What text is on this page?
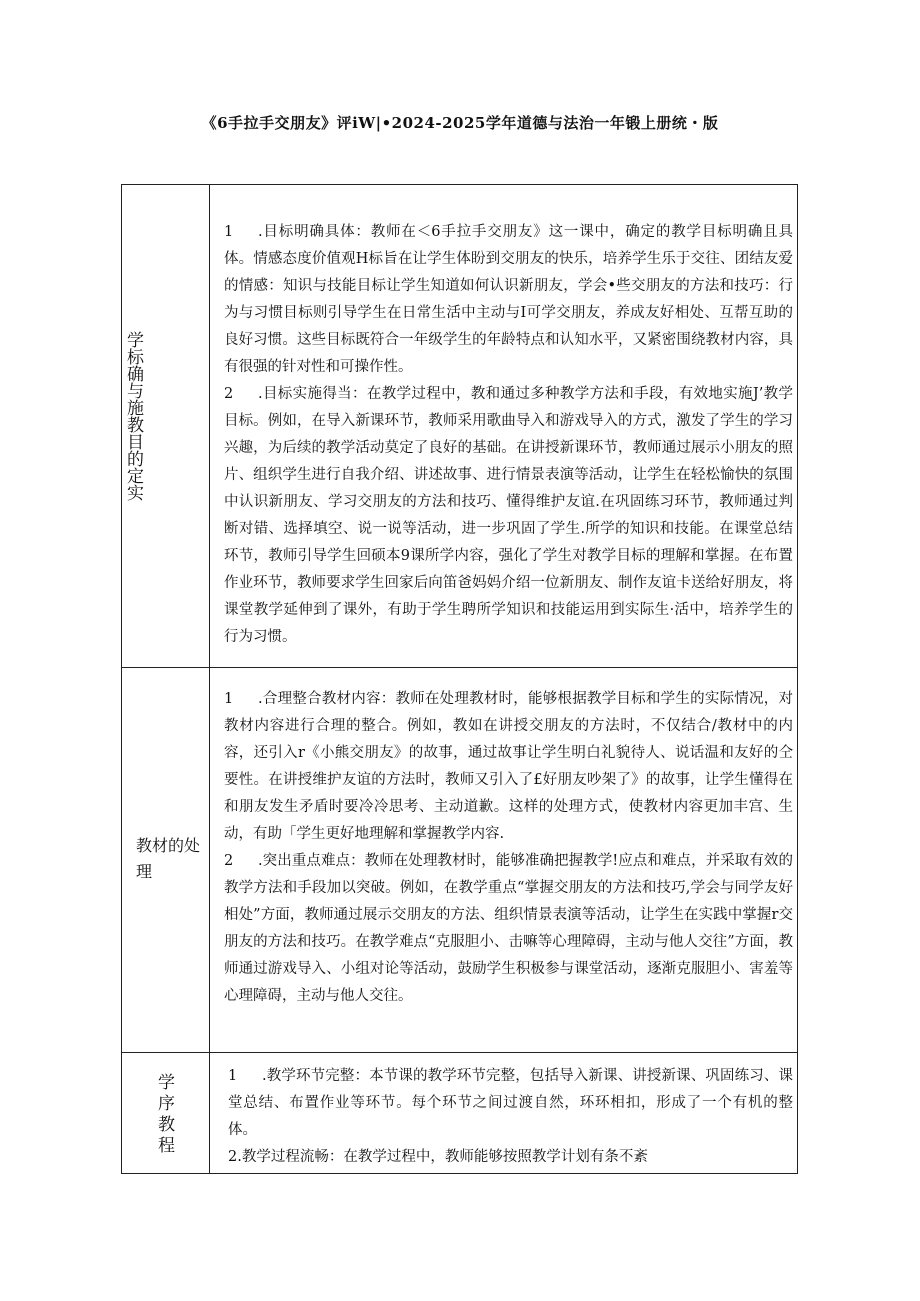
《6手拉手交朋友》评iW|•2024-2025学年道德与法治一年锻上册统・版
学标确与施教目的定实	1 .目标明确具体：教师在＜6手拉手交朋友》这一课中，确定的教学目标明确且具体。情感态度价值观H标旨在让学生体盼到交朋友的快乐，培养学生乐于交往、团结友爱的情感：知识与技能目标让学生知道如何认识新朋友，学会•些交朋友的方法和技巧：行为与习惯目标则引导学生在日常生活中主动与I可学交朋友，养成友好相处、互帮互助的良好习惯。这些目标既符合一年级学生的年龄特点和认知水平，又紧密围绕教材内容，具有很强的针对性和可操作性。

2 .目标实施得当：在教学过程中，教和通过多种教学方法和手段，有效地实施J’教学目标。例如，在导入新课环节，教师采用歌曲导入和游戏导入的方式，激发了学生的学习兴趣，为后续的教学活动莫定了良好的基础。在讲授新课环节，教师通过展示小朋友的照片、组织学生进行自我介绍、讲述故事、进行情景表演等活动，让学生在轻松愉快的氛围中认识新朋友、学习交朋友的方法和技巧、懂得维护友谊.在巩固练习环节，教师通过判断对错、选择填空、说一说等活动，进一步巩固了学生.所学的知识和技能。在课堂总结环节，教师引导学生回硕本9课所学内容，强化了学生对教学目标的理解和掌握。在布置作业环节，教师要求学生回家后向笛爸妈妈介绍一位新朋友、制作友谊卡送给好朋友，将课堂教学延伸到了课外，有助于学生聘所学知识和技能运用到实际生·活中，培养学生的行为习惯。

教材的处理	1 .合理整合教材内容：教师在处理教材时，能够根据教学目标和学生的实际情况，对教材内容进行合理的整合。例如，教如在讲授交朋友的方法时，不仅结合/教材中的内容，还引入r《小熊交朋友》的故事，通过故事让学生明白礼貌待人、说话温和友好的仝要性。在讲授维护友谊的方法时，教师又引入了£好朋友吵架了》的故事，让学生懂得在和朋友发生矛盾时要冷冷思考、主动道歉。这样的处理方式，使教材内容更加丰宫、生动，有助「学生更好地理解和掌握教学内容.

2 .突出重点难点：教师在处理教材时，能够准确把握教学!应点和难点，并采取有效的教学方法和手段加以突破。例如，在教学重点“掌握交朋友的方法和技巧,学会与同学友好相处”方面，教师通过展示交朋友的方法、组织情景表演等活动，让学生在实践中掌握r交朋友的方法和技巧。在教学难点“克服胆小、击嘛等心理障碍，主动与他人交往”方面，教师通过游戏导入、小组对论等活动，鼓励学生积极参与课堂活动，逐渐克服胆小、害羞等心理障碍，主动与他人交往。

学序教程	1 .教学环节完整：本节课的教学环节完整，包括导入新课、讲授新课、巩固练习、课堂总结、布置作业等环节。每个环节之间过渡自然，环环相扣，形成了一个有机的整体。

2.教学过程流畅：在教学过程中，教师能够按照教学计划有条不紊
